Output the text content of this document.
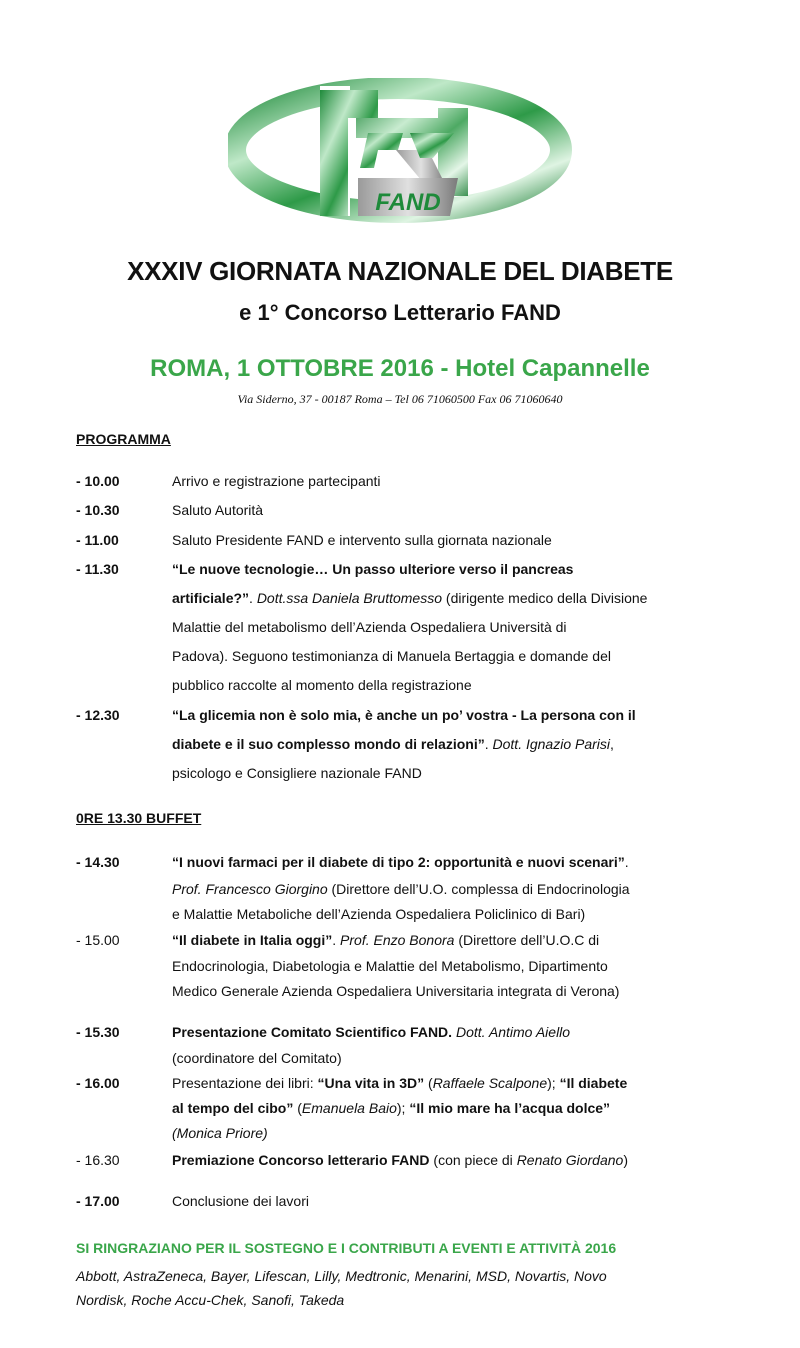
FAND
XXXIV GIORNATA NAZIONALE DEL DIABETE
e 1° Concorso Letterario FAND
ROMA, 1 OTTOBRE 2016 - Hotel Capannelle
Via Siderno, 37 - 00187 Roma – Tel 06 71060500 Fax 06 71060640
PROGRAMMA
- 10.00	Arrivo e registrazione partecipanti
- 10.30	Saluto Autorità
- 11.00	Saluto Presidente FAND e intervento sulla giornata nazionale
- 11.30	“Le nuove tecnologie… Un passo ulteriore verso il pancreas
artificiale?”. Dott.ssa Daniela Bruttomesso (dirigente medico della Divisione
Malattie del metabolismo dell’Azienda Ospedaliera Università di
Padova). Seguono testimonianza di Manuela Bertaggia e domande del
pubblico raccolte al momento della registrazione
- 12.30	“La glicemia non è solo mia, è anche un po’ vostra - La persona con il
diabete e il suo complesso mondo di relazioni”. Dott. Ignazio Parisi,
psicologo e Consigliere nazionale FAND
0RE 13.30 BUFFET
- 14.30	“I nuovi farmaci per il diabete di tipo 2: opportunità e nuovi scenari”.
Prof. Francesco Giorgino (Direttore dell’U.O. complessa di Endocrinologia
e Malattie Metaboliche dell’Azienda Ospedaliera Policlinico di Bari)
- 15.00	“Il diabete in Italia oggi”. Prof. Enzo Bonora (Direttore dell’U.O.C di
Endocrinologia, Diabetologia e Malattie del Metabolismo, Dipartimento
Medico Generale Azienda Ospedaliera Universitaria integrata di Verona)
- 15.30	Presentazione Comitato Scientifico FAND. Dott. Antimo Aiello
(coordinatore del Comitato)
- 16.00	Presentazione dei libri: “Una vita in 3D” (Raffaele Scalpone); “Il diabete
al tempo del cibo” (Emanuela Baio); “Il mio mare ha l’acqua dolce”
(Monica Priore)
- 16.30	Premiazione Concorso letterario FAND (con piece di Renato Giordano)
- 17.00	Conclusione dei lavori
SI RINGRAZIANO PER IL SOSTEGNO E I CONTRIBUTI A EVENTI E ATTIVITÀ 2016
Abbott, AstraZeneca, Bayer, Lifescan, Lilly, Medtronic, Menarini, MSD, Novartis, Novo
Nordisk, Roche Accu-Chek, Sanofi, Takeda
